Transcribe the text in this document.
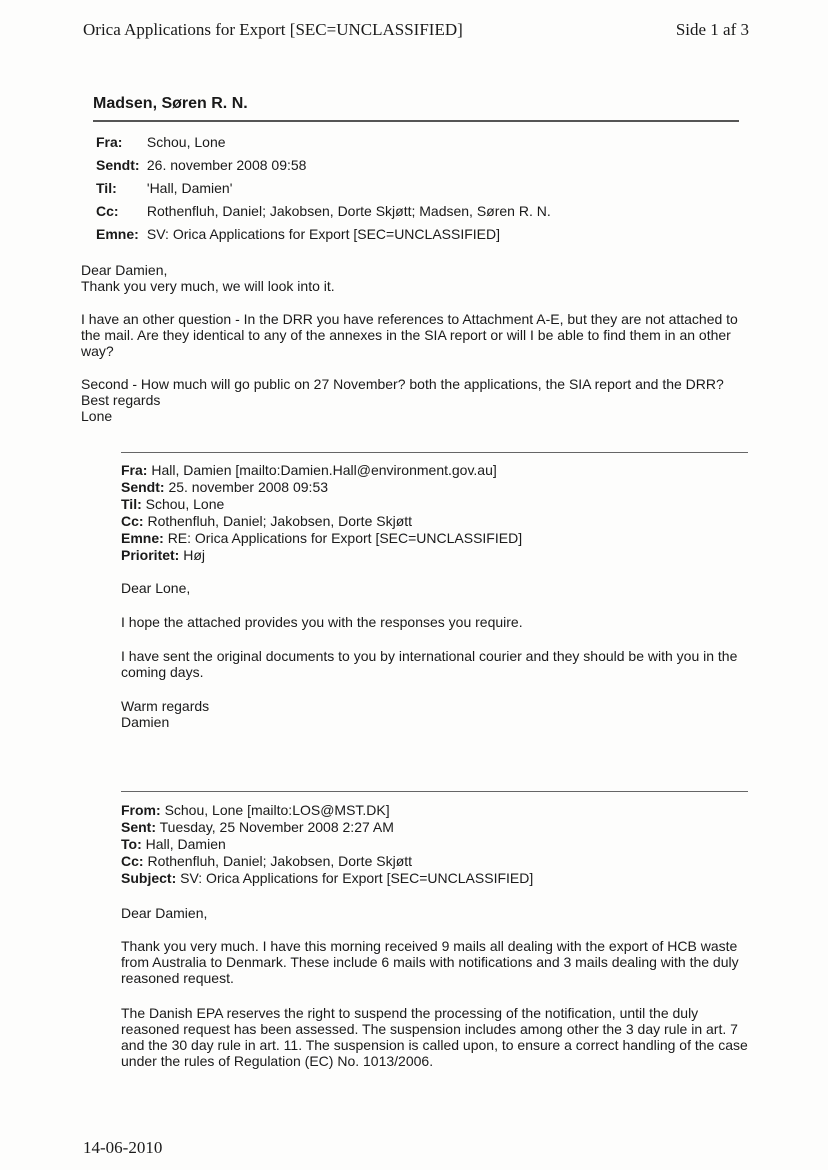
Orica Applications for Export [SEC=UNCLASSIFIED]	Side 1 af 3
Madsen, Søren R. N.
Fra: Schou, Lone
Sendt: 26. november 2008 09:58
Til: 'Hall, Damien'
Cc: Rothenfluh, Daniel; Jakobsen, Dorte Skjøtt; Madsen, Søren R. N.
Emne: SV: Orica Applications for Export [SEC=UNCLASSIFIED]
Dear Damien,
Thank you very much, we will look into it.
I have an other question - In the DRR you have references to Attachment A-E, but they are not attached to
the mail. Are they identical to any of the annexes in the SIA report or will I be able to find them in an other
way?
Second - How much will go public on 27 November? both the applications, the SIA report and the DRR?
Best regards
Lone
Fra: Hall, Damien [mailto:Damien.Hall@environment.gov.au]
Sendt: 25. november 2008 09:53
Til: Schou, Lone
Cc: Rothenfluh, Daniel; Jakobsen, Dorte Skjøtt
Emne: RE: Orica Applications for Export [SEC=UNCLASSIFIED]
Prioritet: Høj
Dear Lone,
I hope the attached provides you with the responses you require.
I have sent the original documents to you by international courier and they should be with you in the
coming days.
Warm regards
Damien
From: Schou, Lone [mailto:LOS@MST.DK]
Sent: Tuesday, 25 November 2008 2:27 AM
To: Hall, Damien
Cc: Rothenfluh, Daniel; Jakobsen, Dorte Skjøtt
Subject: SV: Orica Applications for Export [SEC=UNCLASSIFIED]
Dear Damien,
Thank you very much. I have this morning received 9 mails all dealing with the export of HCB waste
from Australia to Denmark. These include 6 mails with notifications and 3 mails dealing with the duly
reasoned request.
The Danish EPA reserves the right to suspend the processing of the notification, until the duly
reasoned request has been assessed. The suspension includes among other the 3 day rule in art. 7
and the 30 day rule in art. 11. The suspension is called upon, to ensure a correct handling of the case
under the rules of Regulation (EC) No. 1013/2006.
14-06-2010
